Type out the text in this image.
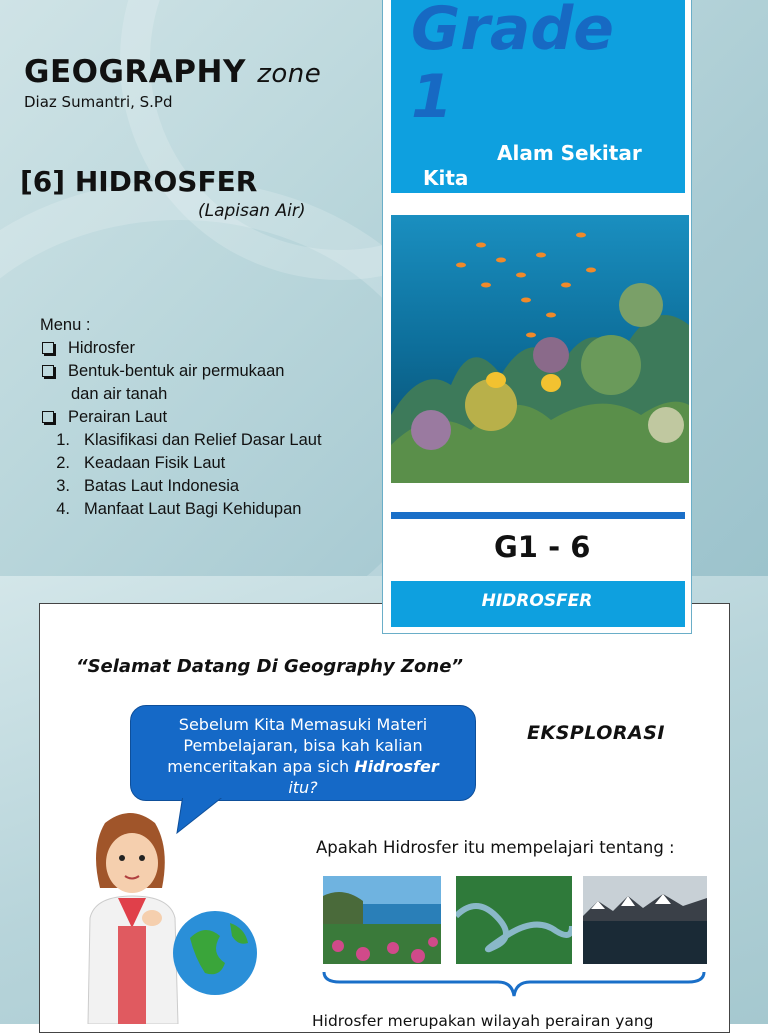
GEOGRAPHY zone
Diaz Sumantri, S.Pd
[6] HIDROSFER
(Lapisan Air)
Menu :
Hidrosfer
Bentuk-bentuk air permukaan
dan air tanah
Perairan Laut
1. Klasifikasi dan Relief Dasar Laut
2. Keadaan Fisik Laut
3. Batas Laut Indonesia
4. Manfaat Laut Bagi Kehidupan
Grade
1
Alam Sekitar
Kita
G1 - 6
HIDROSFER
“Selamat Datang Di Geography Zone”
Sebelum Kita Memasuki Materi
Pembelajaran, bisa kah kalian
menceritakan apa sich Hidrosfer
itu?
EKSPLORASI
Apakah Hidrosfer itu mempelajari tentang :
Hidrosfer merupakan wilayah perairan yang
